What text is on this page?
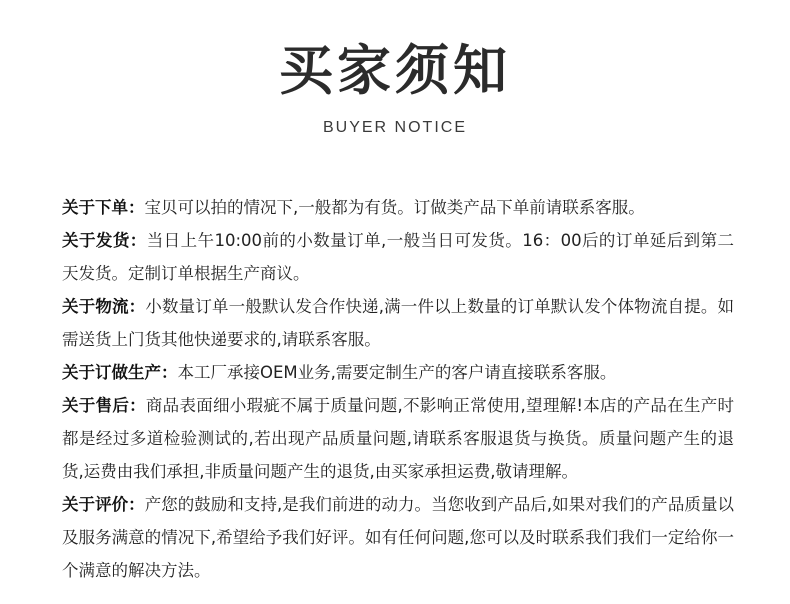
买家须知
BUYER NOTICE

关于下单：宝贝可以拍的情况下,一般都为有货。订做类产品下单前请联系客服。

关于发货：当日上午10:00前的小数量订单,一般当日可发货。16：00后的订单延后到第二天发货。定制订单根据生产商议。

关于物流：小数量订单一般默认发合作快递,满一件以上数量的订单默认发个体物流自提。如需送货上门货其他快递要求的,请联系客服。

关于订做生产：本工厂承接OEM业务,需要定制生产的客户请直接联系客服。

关于售后：商品表面细小瑕疵不属于质量问题,不影响正常使用,望理解!本店的产品在生产时都是经过多道检验测试的,若出现产品质量问题,请联系客服退货与换货。质量问题产生的退货,运费由我们承担,非质量问题产生的退货,由买家承担运费,敬请理解。

关于评价：产您的鼓励和支持,是我们前进的动力。当您收到产品后,如果对我们的产品质量以及服务满意的情况下,希望给予我们好评。如有任何问题,您可以及时联系我们我们一定给你一个满意的解决方法。
